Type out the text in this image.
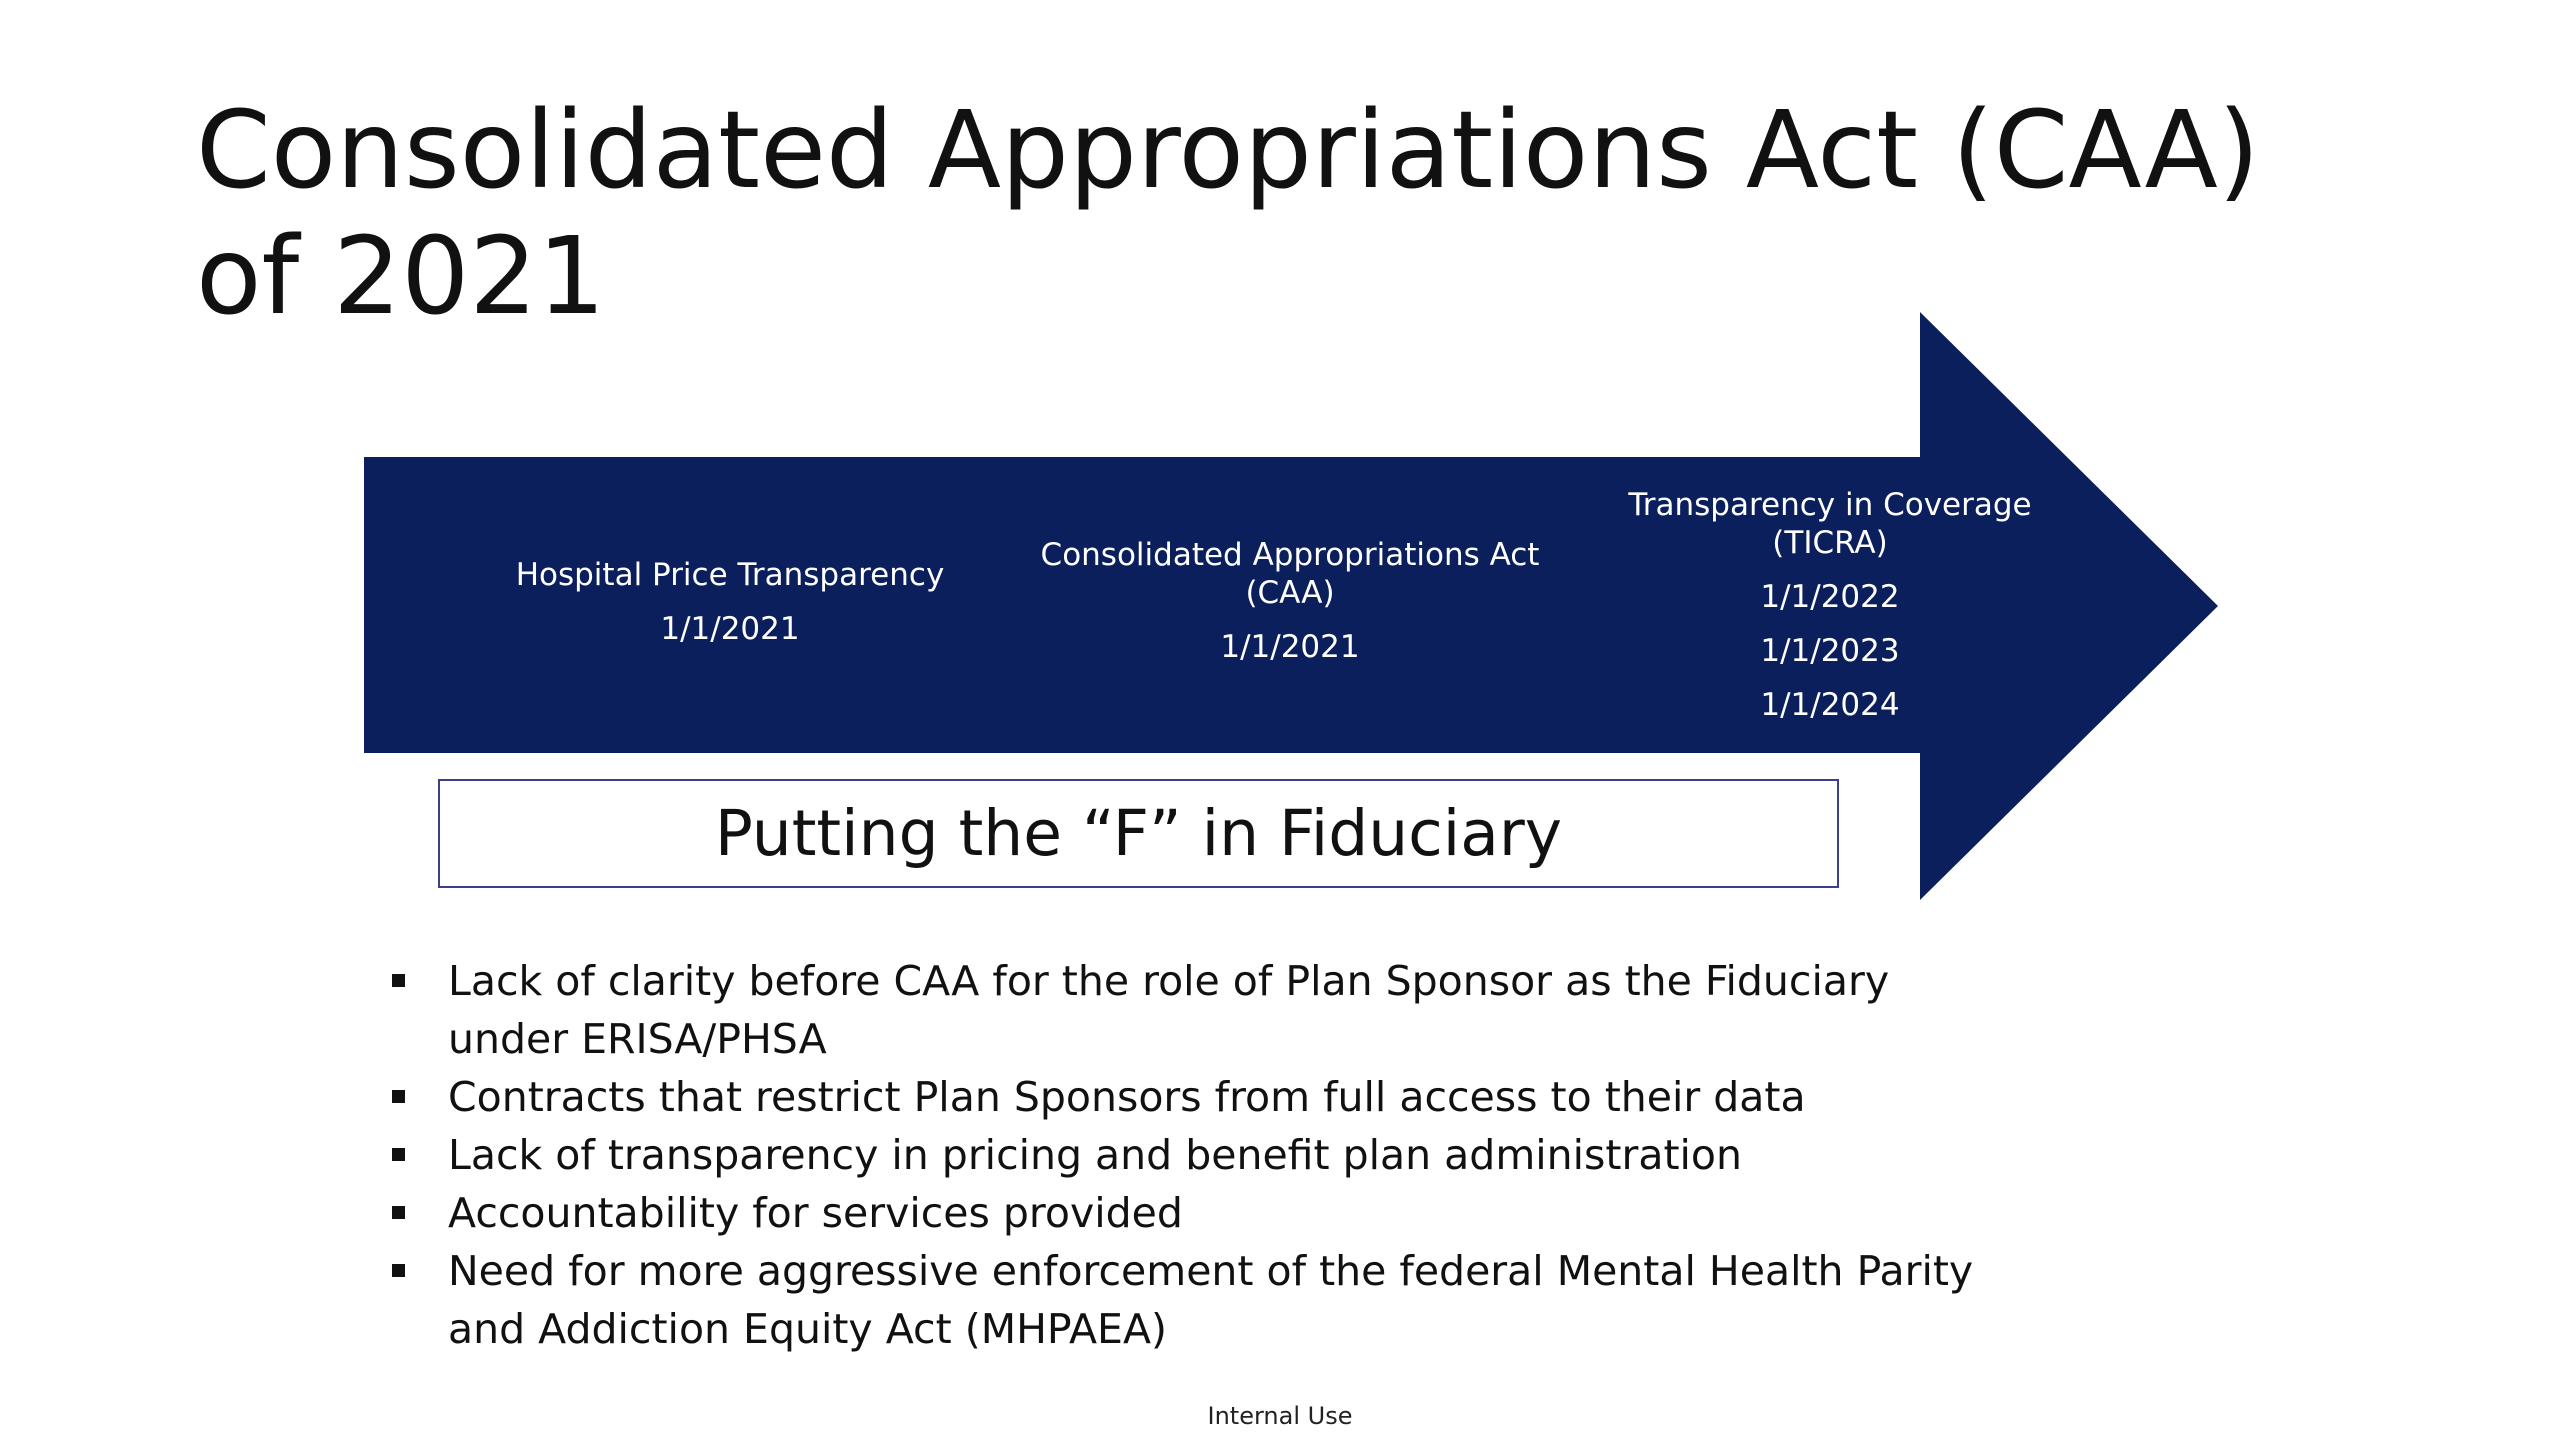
Consolidated Appropriations Act (CAA)
of 2021
Hospital Price Transparency
1/1/2021
Consolidated Appropriations Act (CAA)
1/1/2021
Transparency in Coverage (TICRA)
1/1/2022
1/1/2023
1/1/2024
Putting the “F” in Fiduciary
Lack of clarity before CAA for the role of Plan Sponsor as the Fiduciary under ERISA/PHSA
Contracts that restrict Plan Sponsors from full access to their data
Lack of transparency in pricing and benefit plan administration
Accountability for services provided
Need for more aggressive enforcement of the federal Mental Health Parity and Addiction Equity Act (MHPAEA)
Internal Use
